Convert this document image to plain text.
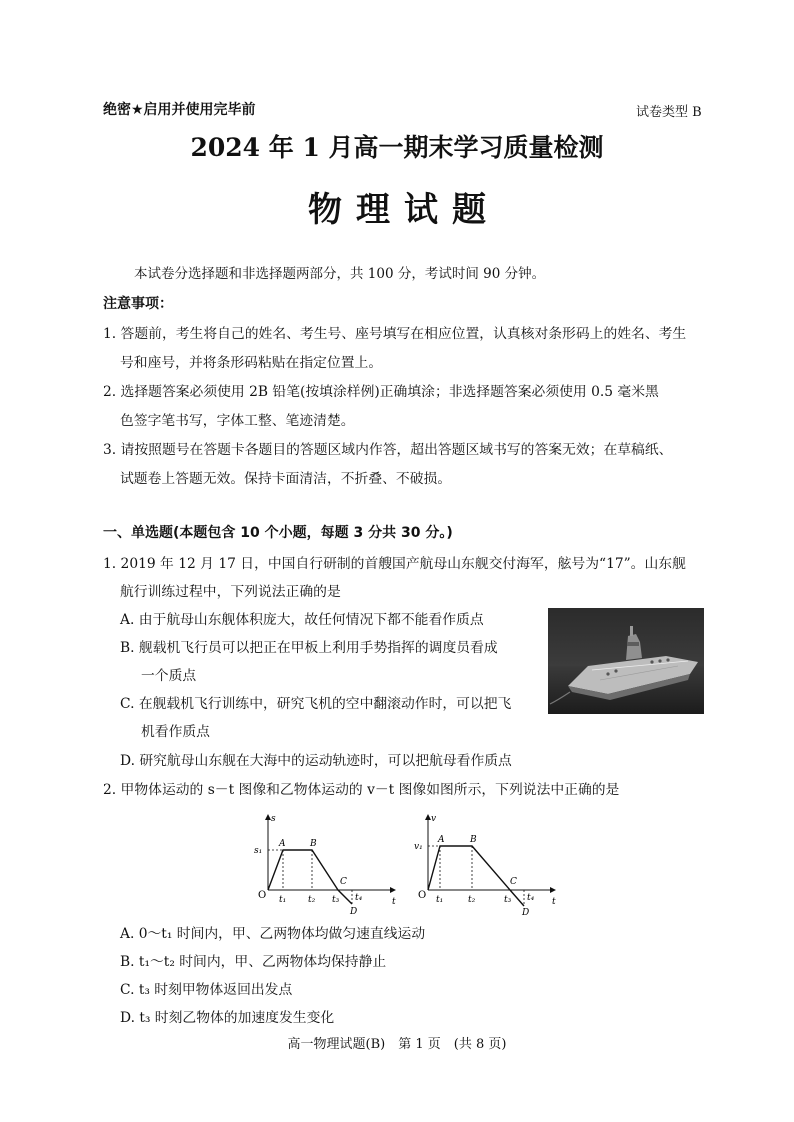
绝密★启用并使用完毕前	试卷类型 B
2024 年 1 月高一期末学习质量检测
物理试题
本试卷分选择题和非选择题两部分，共 100 分，考试时间 90 分钟。
注意事项：
1. 答题前，考生将自己的姓名、考生号、座号填写在相应位置，认真核对条形码上的姓名、考生
号和座号，并将条形码粘贴在指定位置上。
2. 选择题答案必须使用 2B 铅笔(按填涂样例)正确填涂；非选择题答案必须使用 0.5 毫米黑
色签字笔书写，字体工整、笔迹清楚。
3. 请按照题号在答题卡各题目的答题区域内作答，超出答题区域书写的答案无效；在草稿纸、
试题卷上答题无效。保持卡面清洁，不折叠、不破损。
一、单选题(本题包含 10 个小题，每题 3 分共 30 分。)
1. 2019 年 12 月 17 日，中国自行研制的首艘国产航母山东舰交付海军，舷号为“17”。山东舰
航行训练过程中，下列说法正确的是
A. 由于航母山东舰体积庞大，故任何情况下都不能看作质点
B. 舰载机飞行员可以把正在甲板上利用手势指挥的调度员看成
一个质点
C. 在舰载机飞行训练中，研究飞机的空中翻滚动作时，可以把飞
机看作质点
D. 研究航母山东舰在大海中的运动轨迹时，可以把航母看作质点
2. 甲物体运动的 s－t 图像和乙物体运动的 v－t 图像如图所示，下列说法中正确的是
s
t
O
s₁
t₁ t₂ t₃ t₄
A	B
C
D
v
t
O
v₁
t₁	t₂	t₃ t₄
A	B
C
D
A. 0～t₁ 时间内，甲、乙两物体均做匀速直线运动
B. t₁～t₂ 时间内，甲、乙两物体均保持静止
C. t₃ 时刻甲物体返回出发点
D. t₃ 时刻乙物体的加速度发生变化
高一物理试题(B)　第 1 页　(共 8 页)
